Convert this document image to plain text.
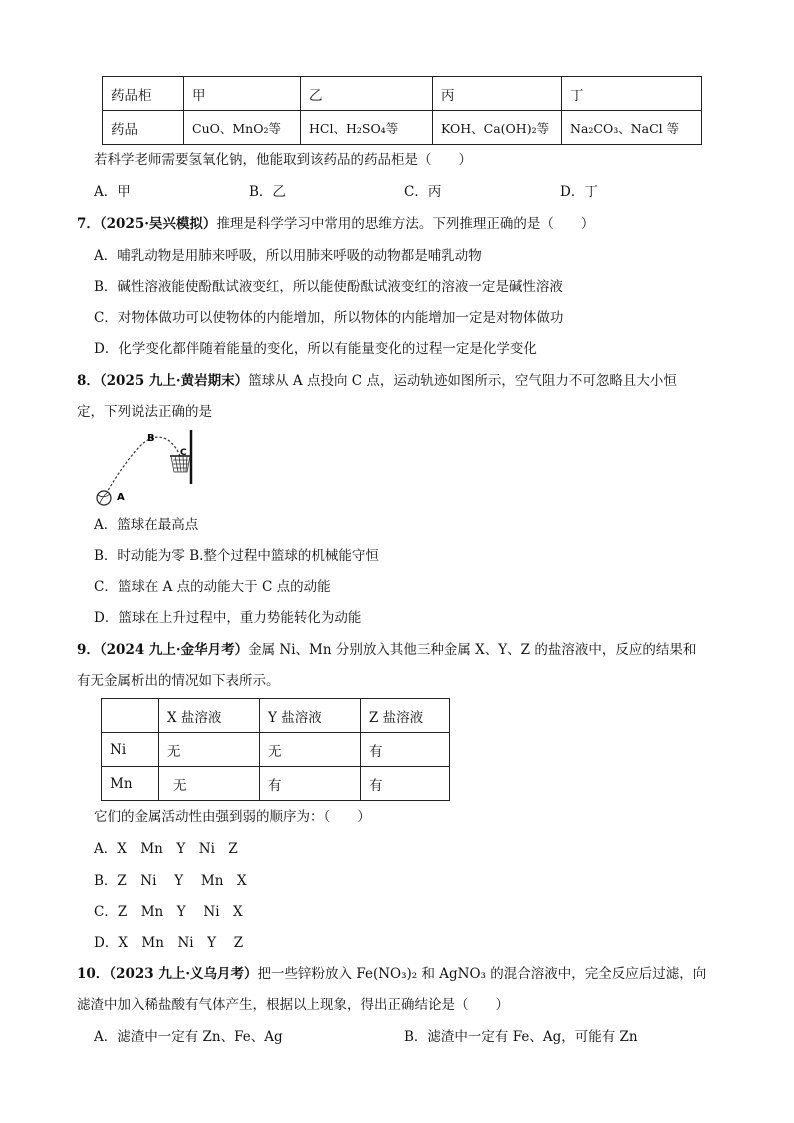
药品柜	甲	乙	丙	丁
药品	CuO、MnO₂等	HCl、H₂SO₄等	KOH、Ca(OH)₂等	Na₂CO₃、NaCl 等
若科学老师需要氢氧化钠，他能取到该药品的药品柜是（　　）
A．甲	B．乙	C．丙	D．丁
7．（2025·吴兴模拟）推理是科学学习中常用的思维方法。下列推理正确的是（　　）
A．哺乳动物是用肺来呼吸，所以用肺来呼吸的动物都是哺乳动物
B．碱性溶液能使酚酞试液变红，所以能使酚酞试液变红的溶液一定是碱性溶液
C．对物体做功可以使物体的内能增加，所以物体的内能增加一定是对物体做功
D．化学变化都伴随着能量的变化，所以有能量变化的过程一定是化学变化
8．（2025 九上·黄岩期末）篮球从 A 点投向 C 点，运动轨迹如图所示，空气阻力不可忽略且大小恒
定，下列说法正确的是
A
B
C
A．篮球在最高点
B．时动能为零 B.整个过程中篮球的机械能守恒
C．篮球在 A 点的动能大于 C 点的动能
D．篮球在上升过程中，重力势能转化为动能
9．（2024 九上·金华月考）金属 Ni、Mn 分别放入其他三种金属 X、Y、Z 的盐溶液中，反应的结果和
有无金属析出的情况如下表所示。
	X 盐溶液	Y 盐溶液	Z 盐溶液
Ni	无	无	有
Mn	无	有	有
它们的金属活动性由强到弱的顺序为：（　　）
A．X　Mn　Y　Ni　Z
B．Z　Ni　 Y　 Mn　X
C．Z　Mn　Y　 Ni　X
D．X　Mn　Ni　Y　 Z
10．（2023 九上·义乌月考）把一些锌粉放入 Fe(NO₃)₂ 和 AgNO₃ 的混合溶液中，完全反应后过滤，向
滤渣中加入稀盐酸有气体产生，根据以上现象，得出正确结论是（　　）
A．滤渣中一定有 Zn、Fe、Ag	B．滤渣中一定有 Fe、Ag，可能有 Zn
